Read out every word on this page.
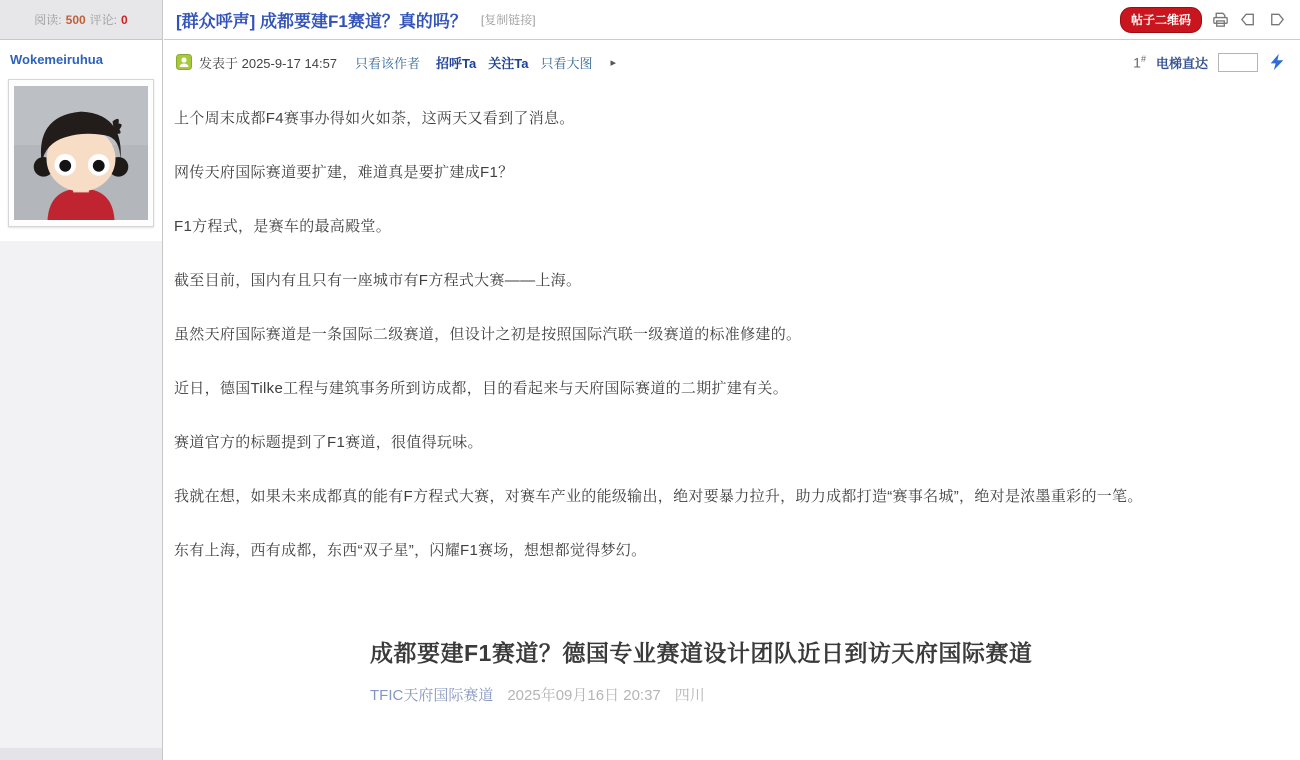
阅读: 500 评论: 0
Wokemeiruhua
[群众呼声] 成都要建F1赛道？真的吗？ [复制链接]	帖子二维码
发表于 2025-9-17 14:57 只看该作者 招呼Ta 关注Ta 只看大图 ▸	1# 电梯直达

上个周末成都F4赛事办得如火如荼，这两天又看到了消息。

网传天府国际赛道要扩建，难道真是要扩建成F1？

F1方程式，是赛车的最高殿堂。

截至目前，国内有且只有一座城市有F方程式大赛——上海。

虽然天府国际赛道是一条国际二级赛道，但设计之初是按照国际汽联一级赛道的标准修建的。

近日，德国Tilke工程与建筑事务所到访成都，目的看起来与天府国际赛道的二期扩建有关。

赛道官方的标题提到了F1赛道，很值得玩味。

我就在想，如果未来成都真的能有F方程式大赛，对赛车产业的能级输出，绝对要暴力拉升，助力成都打造“赛事名城”，绝对是浓墨重彩的一笔。

东有上海，西有成都，东西“双子星”，闪耀F1赛场，想想都觉得梦幻。

成都要建F1赛道？德国专业赛道设计团队近日到访天府国际赛道
TFIC天府国际赛道 2025年09月16日 20:37 四川
